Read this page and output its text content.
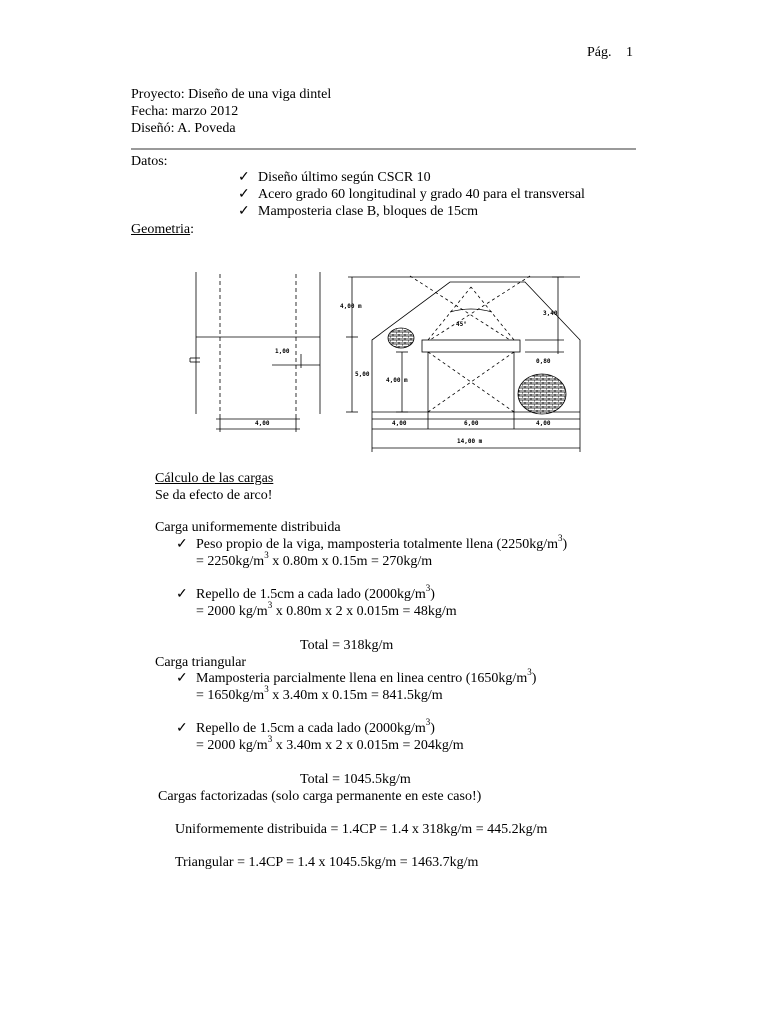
Pág. 1
Proyecto: Diseño de una viga dintel
Fecha: marzo 2012
Diseñó: A. Poveda
Datos:
✓ Diseño último según CSCR 10
✓ Acero grado 60 longitudinal y grado 40 para el transversal
✓ Mamposteria clase B, bloques de 15cm
Geometria:
1,00
4,00
4,00 m
3,40
45°
0,80
5,00
4,00 m
4,00	6,00	4,00
14,00 m
Cálculo de las cargas
Se da efecto de arco!
Carga uniformemente distribuida
✓ Peso propio de la viga, mamposteria totalmente llena $(2250kg/m^3)$
= $2250kg/m^3$ x 0.80m x 0.15m = 270kg/m
✓ Repello de 1.5cm a cada lado $(2000kg/m^3)$
= 2000 $kg/m^3$ x 0.80m x 2 x 0.015m = 48kg/m
Total = 318kg/m
Carga triangular
✓ Mamposteria parcialmente llena en linea centro $(1650kg/m^3)$
= $1650kg/m^3$ x 3.40m x 0.15m = 841.5kg/m
✓ Repello de 1.5cm a cada lado $(2000kg/m^3)$
= 2000 $kg/m^3$ x 3.40m x 2 x 0.015m = 204kg/m
Total = 1045.5kg/m
Cargas factorizadas (solo carga permanente en este caso!)
Uniformemente distribuida = 1.4CP = 1.4 x 318kg/m = 445.2kg/m
Triangular = 1.4CP = 1.4 x 1045.5kg/m = 1463.7kg/m
